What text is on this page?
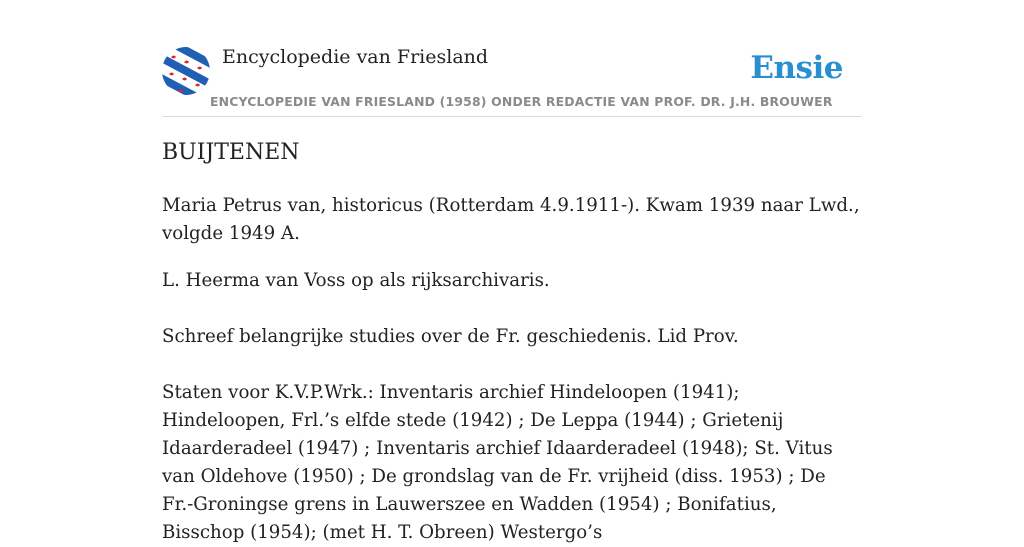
Encyclopedie van Friesland	Ensie
ENCYCLOPEDIE VAN FRIESLAND (1958) ONDER REDACTIE VAN PROF. DR. J.H. BROUWER
BUIJTENEN

Maria Petrus van, historicus (Rotterdam 4.9.1911-). Kwam 1939 naar Lwd., volgde 1949 A.

L. Heerma van Voss op als rijksarchivaris.

Schreef belangrijke studies over de Fr. geschiedenis. Lid Prov.

Staten voor K.V.P.Wrk.: Inventaris archief Hindeloopen (1941); Hindeloopen, Frl.’s elfde stede (1942) ; De Leppa (1944) ; Grietenij Idaarderadeel (1947) ; Inventaris archief Idaarderadeel (1948); St. Vitus van Oldehove (1950) ; De grondslag van de Fr. vrijheid (diss. 1953) ; De Fr.-Groningse grens in Lauwerszee en Wadden (1954) ; Bonifatius, Bisschop (1954); (met H. T. Obreen) Westergo’s
